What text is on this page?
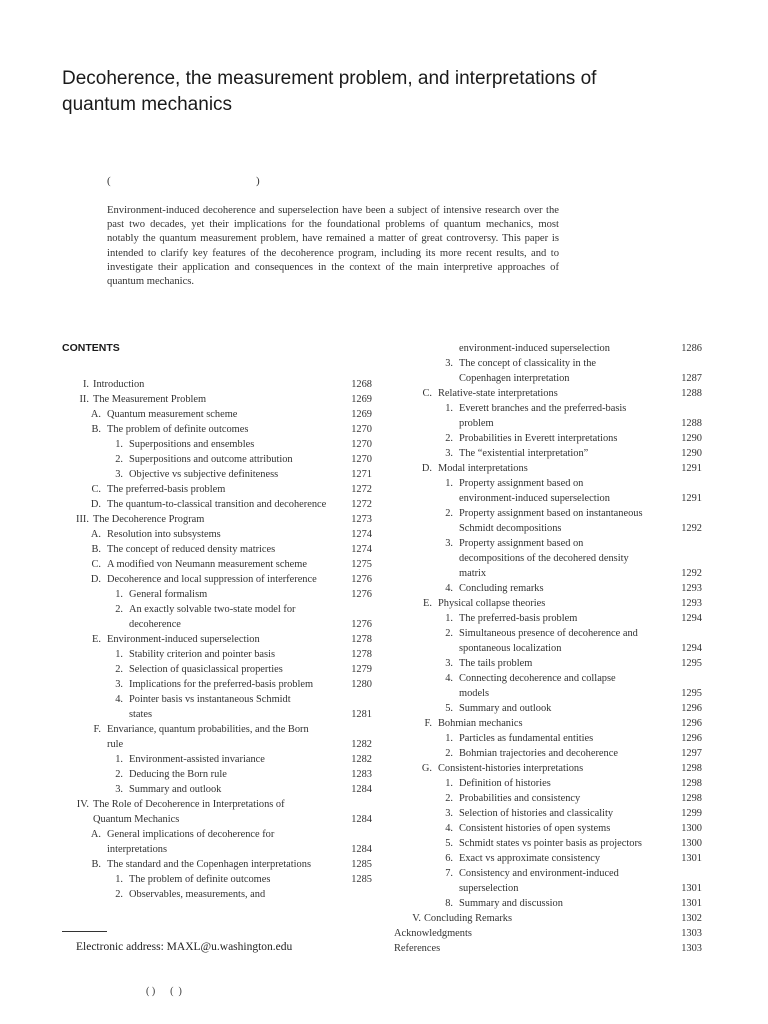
Decoherence, the measurement problem, and interpretations of
quantum mechanics
(	)

Environment-induced decoherence and superselection have been a subject of intensive research over the past two decades, yet their implications for the foundational problems of quantum mechanics, most notably the quantum measurement problem, have remained a matter of great controversy. This paper is intended to clarify key features of the decoherence program, including its more recent results, and to investigate their application and consequences in the context of the main interpretive approaches of quantum mechanics.

CONTENTS
I. Introduction	1268
II. The Measurement Problem	1269
A. Quantum measurement scheme	1269
B. The problem of definite outcomes	1270
1. Superpositions and ensembles	1270
2. Superpositions and outcome attribution	1270
3. Objective vs subjective definiteness	1271
C. The preferred-basis problem	1272
D. The quantum-to-classical transition and decoherence 1272
III. The Decoherence Program	1273
A. Resolution into subsystems	1274
B. The concept of reduced density matrices	1274
C. A modified von Neumann measurement scheme	1275
D. Decoherence and local suppression of interference	1276
1. General formalism	1276
2. An exactly solvable two-state model for
decoherence	1276
E. Environment-induced superselection	1278
1. Stability criterion and pointer basis	1278
2. Selection of quasiclassical properties	1279
3. Implications for the preferred-basis problem	1280
4. Pointer basis vs instantaneous Schmidt
states	1281
F. Envariance, quantum probabilities, and the Born
rule	1282
1. Environment-assisted invariance	1282
2. Deducing the Born rule	1283
3. Summary and outlook	1284
IV. The Role of Decoherence in Interpretations of
Quantum Mechanics	1284
A. General implications of decoherence for
interpretations	1284
B. The standard and the Copenhagen interpretations	1285
1. The problem of definite outcomes	1285
2. Observables, measurements, and
environment-induced superselection	1286
3. The concept of classicality in the
Copenhagen interpretation	1287
C. Relative-state interpretations	1288
1. Everett branches and the preferred-basis
problem	1288
2. Probabilities in Everett interpretations	1290
3. The “existential interpretation”	1290
D. Modal interpretations	1291
1. Property assignment based on
environment-induced superselection	1291
2. Property assignment based on instantaneous
Schmidt decompositions	1292
3. Property assignment based on
decompositions of the decohered density
matrix	1292
4. Concluding remarks	1293
E. Physical collapse theories	1293
1. The preferred-basis problem	1294
2. Simultaneous presence of decoherence and
spontaneous localization	1294
3. The tails problem	1295
4. Connecting decoherence and collapse
models	1295
5. Summary and outlook	1296
F. Bohmian mechanics	1296
1. Particles as fundamental entities	1296
2. Bohmian trajectories and decoherence	1297
G. Consistent-histories interpretations	1298
1. Definition of histories	1298
2. Probabilities and consistency	1298
3. Selection of histories and classicality	1299
4. Consistent histories of open systems	1300
5. Schmidt states vs pointer basis as projectors	1300
6. Exact vs approximate consistency	1301
7. Consistency and environment-induced
superselection	1301
8. Summary and discussion	1301
V. Concluding Remarks	1302
Acknowledgments	1303
References	1303
Electronic address: MAXL@u.washington.edu
( )      (  )
